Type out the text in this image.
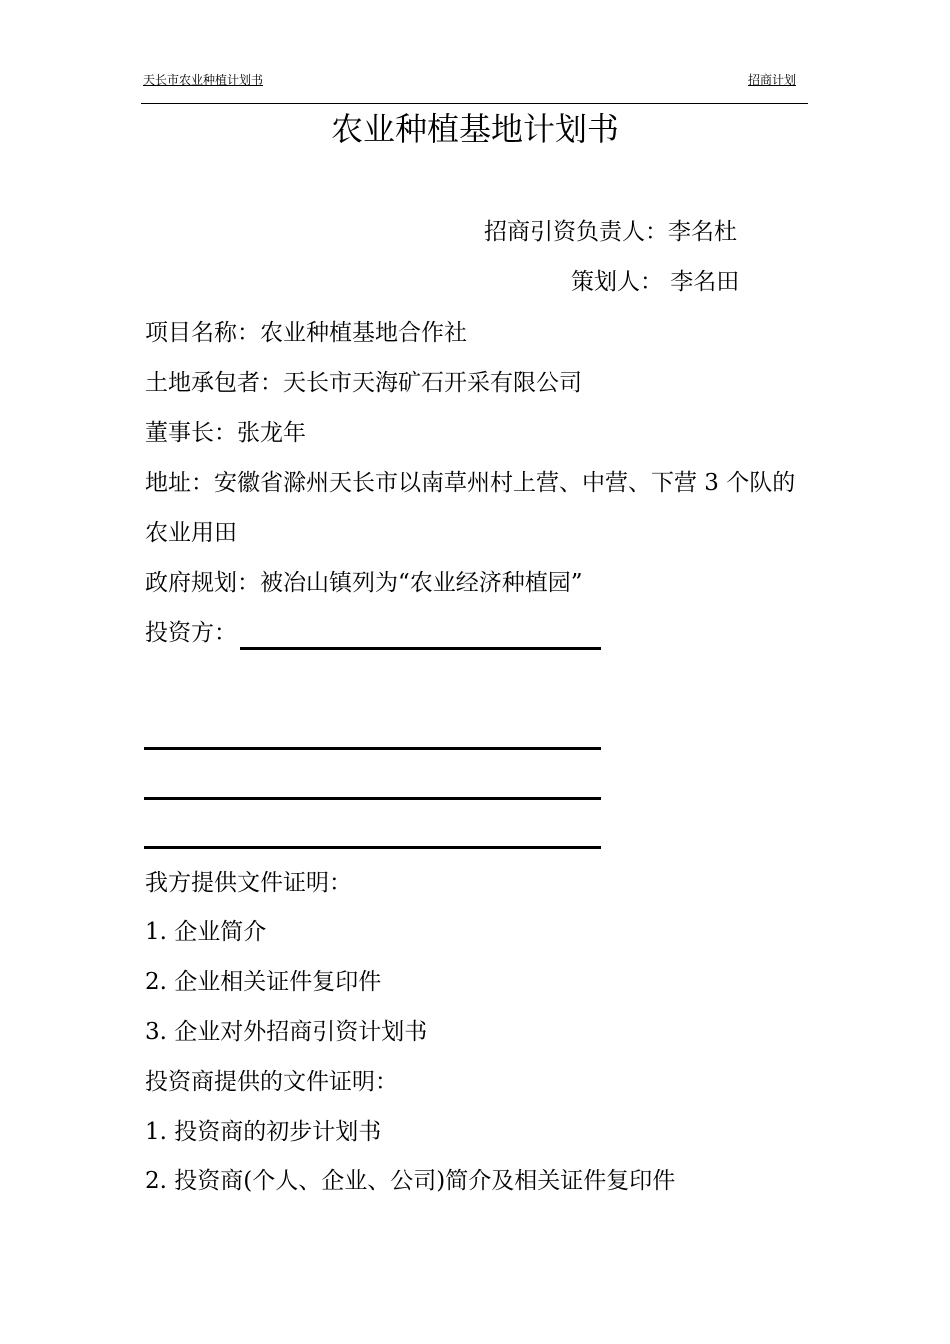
天长市农业种植计划书	招商计划
农业种植基地计划书
招商引资负责人：李名杜
策划人： 李名田
项目名称：农业种植基地合作社
土地承包者：天长市天海矿石开采有限公司
董事长：张龙年
地址：安徽省滁州天长市以南草州村上营、中营、下营 3 个队的
农业用田
政府规划：被冶山镇列为“农业经济种植园”
投资方：
我方提供文件证明：
1. 企业简介
2. 企业相关证件复印件
3. 企业对外招商引资计划书
投资商提供的文件证明：
1. 投资商的初步计划书
2. 投资商(个人、企业、公司)简介及相关证件复印件
